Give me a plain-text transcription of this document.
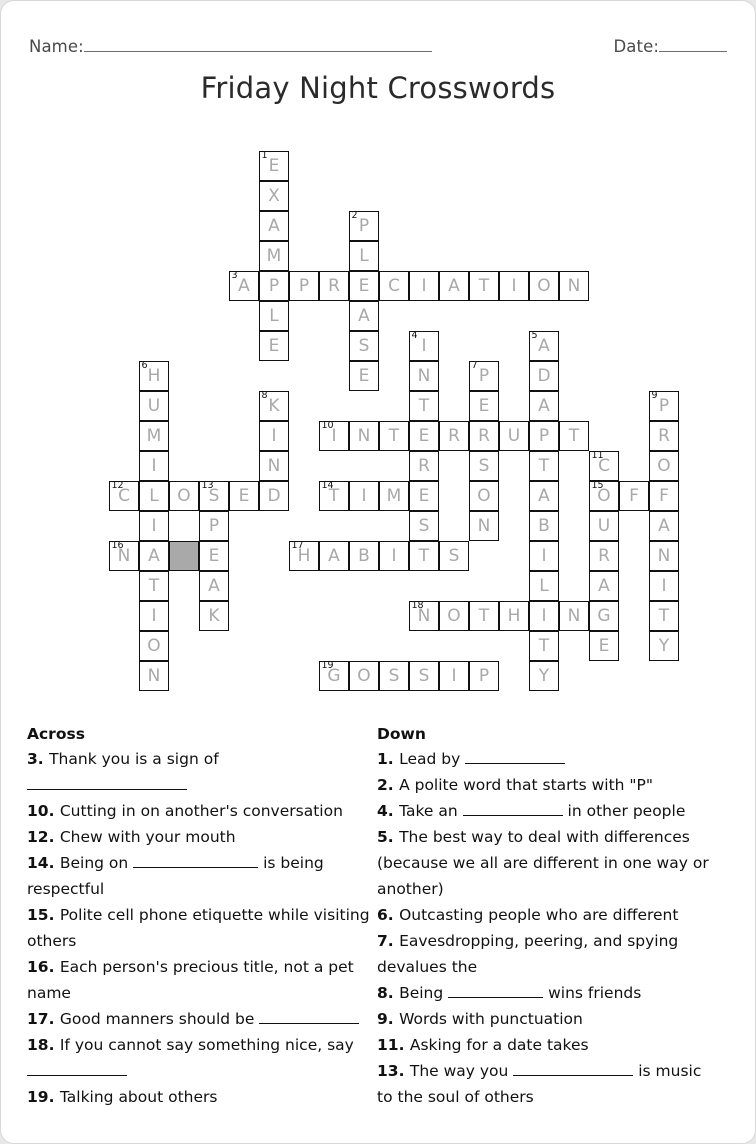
Name:	Date:
Friday Night Crosswords
1
E
X
A
M
P
L
E
2
P
L
E
A
S
E
3
A	P R	C I A T I O N
4
I
N
T
E
R
E
S
T
5
A
D
A
P
T
A
B
I
L
I
T
Y
6
H
U
M
I
L
I
A
T
I
O
N
7
P
E
R
S
O
N
8
K
I
N
D
9
P
R
O
F
A
N
I
T
Y
10
I N T	R	U	T
11
C
15
O
U
R
A
G
E
12
C	O
13
S E
P
E
A
K
14
T I M	F
16
N
17
H A B I	S
18
N O T H	N
19
G O S S I P
Across

3. Thank you is a sign of

10. Cutting in on another's conversation

12. Chew with your mouth

14. Being on	is being respectful

15. Polite cell phone etiquette while visiting others

16. Each person's precious title, not a pet name

17. Good manners should be

18. If you cannot say something nice, say

19. Talking about others

Down

1. Lead by

2. A polite word that starts with "P"

4. Take an	in other people

5. The best way to deal with differences (because we all are different in one way or another)

6. Outcasting people who are different

7. Eavesdropping, peering, and spying devalues the

8. Being	wins friends

9. Words with punctuation

11. Asking for a date takes

13. The way you	is music to the soul of others
